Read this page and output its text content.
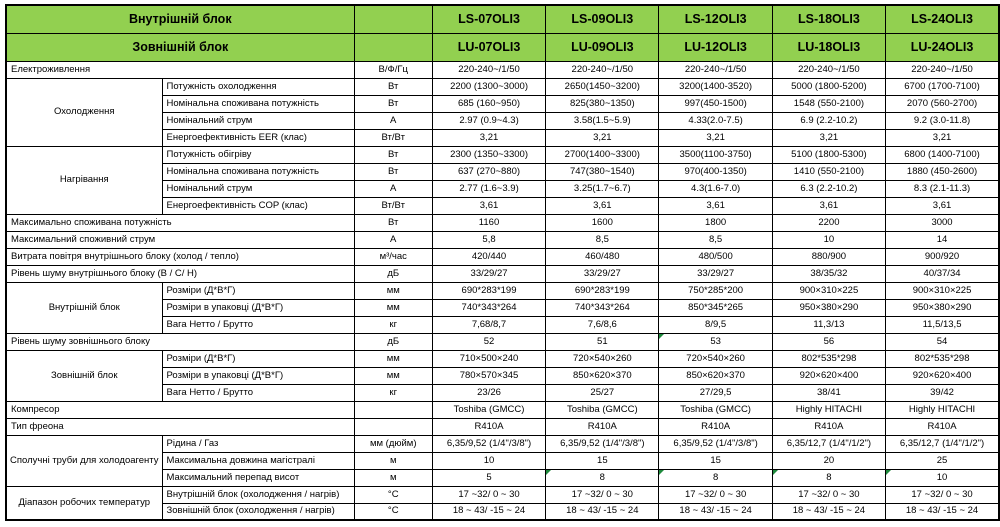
Внутрішній блок			LS-07OLI3	LS-09OLI3	LS-12OLI3	LS-18OLI3	LS-24OLI3
Зовнішній блок			LU-07OLI3	LU-09OLI3	LU-12OLI3	LU-18OLI3	LU-24OLI3
Електроживлення		В/Ф/Гц	220-240~/1/50	220-240~/1/50	220-240~/1/50	220-240~/1/50	220-240~/1/50
Охолодження	Потужність охолодження	Вт	2200 (1300~3000)	2650(1450~3200)	3200(1400-3520)	5000 (1800-5200)	6700 (1700-7100)
	Номінальна споживана потужність	Вт	685 (160~950)	825(380~1350)	997(450-1500)	1548 (550-2100)	2070 (560-2700)
	Номінальний струм	А	2.97 (0.9~4.3)	3.58(1.5~5.9)	4.33(2.0-7.5)	6.9 (2.2-10.2)	9.2 (3.0-11.8)
	Енергоефективність EER (клас)	Вт/Вт	3,21	3,21	3,21	3,21	3,21
Нагрівання	Потужність обігріву	Вт	2300 (1350~3300)	2700(1400~3300)	3500(1100-3750)	5100 (1800-5300)	6800 (1400-7100)
	Номінальна споживана потужність	Вт	637 (270~880)	747(380~1540)	970(400-1350)	1410 (550-2100)	1880 (450-2600)
	Номінальний струм	А	2.77 (1.6~3.9)	3.25(1.7~6.7)	4.3(1.6-7.0)	6.3 (2.2-10.2)	8.3 (2.1-11.3)
	Енергоефективність COP (клас)	Вт/Вт	3,61	3,61	3,61	3,61	3,61
Максимально споживана потужність		Вт	1160	1600	1800	2200	3000
Максимальний споживний струм		А	5,8	8,5	8,5	10	14
Витрата повітря внутрішнього блоку (холод / тепло)		м³/час	420/440	460/480	480/500	880/900	900/920
Рівень шуму внутрішнього блоку (В / С/ Н)		дБ	33/29/27	33/29/27	33/29/27	38/35/32	40/37/34
Внутрішній блок	Розміри (Д*В*Г)	мм	690*283*199	690*283*199	750*285*200	900×310×225	900×310×225
	Розміри в упаковці (Д*В*Г)	мм	740*343*264	740*343*264	850*345*265	950×380×290	950×380×290
	Вага Нетто / Брутто	кг	7,68/8,7	7,6/8,6	8/9,5	11,3/13	11,5/13,5
Рівень шуму зовнішнього блоку		дБ	52	51	53	56	54
Зовнішній блок	Розміри (Д*В*Г)	мм	710×500×240	720×540×260	720×540×260	802*535*298	802*535*298
	Розміри в упаковці (Д*В*Г)	мм	780×570×345	850×620×370	850×620×370	920×620×400	920×620×400
	Вага Нетто / Брутто	кг	23/26	25/27	27/29,5	38/41	39/42
Компресор			Toshiba (GMCC)	Toshiba (GMCC)	Toshiba (GMCC)	Highly HITACHI	Highly HITACHI
Тип фреона			R410A	R410A	R410A	R410A	R410A
Сполучні труби для холодоагенту	Рідина / Газ	мм (дюйм)	6,35/9,52 (1/4"/3/8")	6,35/9,52 (1/4"/3/8")	6,35/9,52 (1/4"/3/8")	6,35/12,7 (1/4"/1/2")	6,35/12,7 (1/4"/1/2")
	Максимальна довжина магістралі	м	10	15	15	20	25
	Максимальний перепад висот	м	5	8	8	8	10
Діапазон робочих температур	Внутрішній блок (охолодження / нагрів)	°С	17 ~32/ 0 ~ 30	17 ~32/ 0 ~ 30	17 ~32/ 0 ~ 30	17 ~32/ 0 ~ 30	17 ~32/ 0 ~ 30
	Зовнішній блок (охолодження / нагрів)	°С	18 ~ 43/ -15 ~ 24	18 ~ 43/ -15 ~ 24	18 ~ 43/ -15 ~ 24	18 ~ 43/ -15 ~ 24	18 ~ 43/ -15 ~ 24
